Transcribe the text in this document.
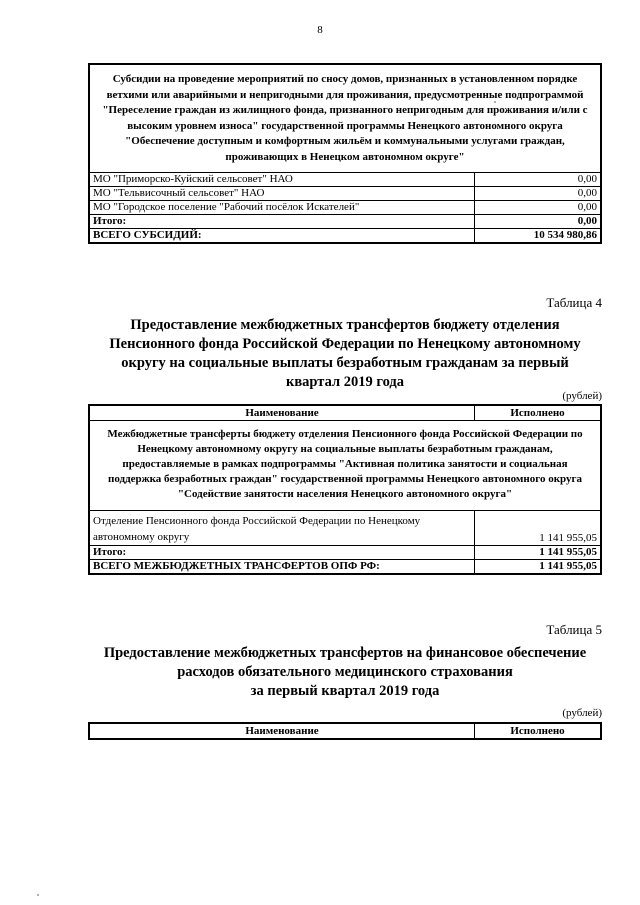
8
Субсидии на проведение мероприятий по сносу домов, признанных в установленном порядке ветхими или аварийными и непригодными для проживания, предусмотренные подпрограммой "Переселение граждан из жилищного фонда, признанного непригодным для проживания и/или с высоким уровнем износа" государственной программы Ненецкого автономного округа "Обеспечение доступным и комфортным жильём и коммунальными услугами граждан, проживающих в Ненецком автономном округе"	
МО "Приморско-Куйский сельсовет" НАО	0,00
МО "Тельвисочный сельсовет" НАО	0,00
МО "Городское поселение "Рабочий посёлок Искателей"	0,00
Итого:	0,00
ВСЕГО СУБСИДИЙ:	10 534 980,86
Таблица 4
Предоставление межбюджетных трансфертов бюджету отделения
Пенсионного фонда Российской Федерации по Ненецкому автономному
округу на социальные выплаты безработным гражданам за первый
квартал 2019 года
(рублей)
Наименование	Исполнено

Межбюджетные трансферты бюджету отделения Пенсионного фонда Российской Федерации по Ненецкому автономному округу на социальные выплаты безработным гражданам, предоставляемые в рамках подпрограммы "Активная политика занятости и социальная поддержка безработных граждан" государственной программы Ненецкого автономного округа "Содействие занятости населения Ненецкого автономного округа"	

Отделение Пенсионного фонда Российской Федерации по Ненецкому автономному округу	1 141 955,05
Итого:	1 141 955,05
ВСЕГО МЕЖБЮДЖЕТНЫХ ТРАНСФЕРТОВ ОПФ РФ:	1 141 955,05
Таблица 5
Предоставление межбюджетных трансфертов на финансовое обеспечение
расходов обязательного медицинского страхования
за первый квартал 2019 года
(рублей)
Наименование	Исполнено
